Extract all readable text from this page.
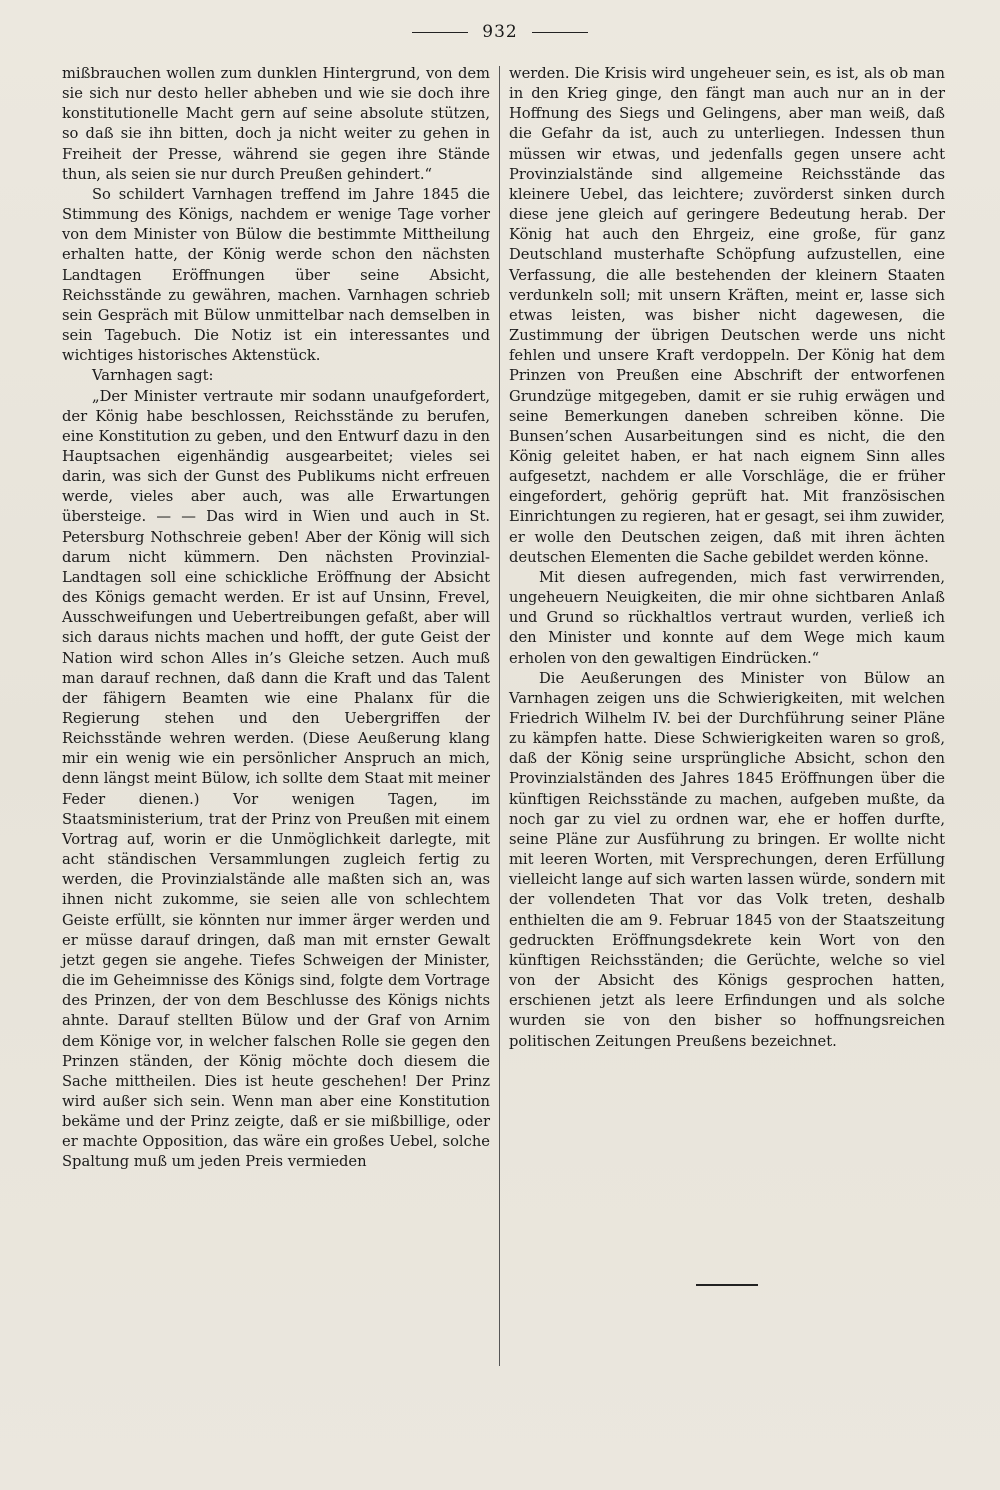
932

mißbrauchen wollen zum dunklen Hintergrund, von dem sie sich nur desto heller abheben und wie sie doch ihre konstitutionelle Macht gern auf seine absolute stützen, so daß sie ihn bitten, doch ja nicht weiter zu gehen in Freiheit der Presse, während sie gegen ihre Stände thun, als seien sie nur durch Preußen gehindert.“

So schildert Varnhagen treffend im Jahre 1845 die Stimmung des Königs, nachdem er wenige Tage vorher von dem Minister von Bülow die bestimmte Mittheilung erhalten hatte, der König werde schon den nächsten Landtagen Eröffnungen über seine Absicht, Reichsstände zu gewähren, machen. Varnhagen schrieb sein Gespräch mit Bülow unmittelbar nach demselben in sein Tagebuch. Die Notiz ist ein interessantes und wichtiges historisches Aktenstück.

Varnhagen sagt:

„Der Minister vertraute mir sodann unaufgefordert, der König habe beschlossen, Reichsstände zu berufen, eine Konstitution zu geben, und den Entwurf dazu in den Hauptsachen eigenhändig ausgearbeitet; vieles sei darin, was sich der Gunst des Publikums nicht erfreuen werde, vieles aber auch, was alle Erwartungen übersteige. — — Das wird in Wien und auch in St. Petersburg Nothschreie geben! Aber der König will sich darum nicht kümmern. Den nächsten Provinzial-Landtagen soll eine schickliche Eröffnung der Absicht des Königs gemacht werden. Er ist auf Unsinn, Frevel, Ausschweifungen und Uebertreibungen gefaßt, aber will sich daraus nichts machen und hofft, der gute Geist der Nation wird schon Alles in’s Gleiche setzen. Auch muß man darauf rechnen, daß dann die Kraft und das Talent der fähigern Beamten wie eine Phalanx für die Regierung stehen und den Uebergriffen der Reichsstände wehren werden. (Diese Aeußerung klang mir ein wenig wie ein persönlicher Anspruch an mich, denn längst meint Bülow, ich sollte dem Staat mit meiner Feder dienen.) Vor wenigen Tagen, im Staatsministerium, trat der Prinz von Preußen mit einem Vortrag auf, worin er die Unmöglichkeit darlegte, mit acht ständischen Versammlungen zugleich fertig zu werden, die Provinzialstände alle maßten sich an, was ihnen nicht zukomme, sie seien alle von schlechtem Geiste erfüllt, sie könnten nur immer ärger werden und er müsse darauf dringen, daß man mit ernster Gewalt jetzt gegen sie angehe. Tiefes Schweigen der Minister, die im Geheimnisse des Königs sind, folgte dem Vortrage des Prinzen, der von dem Beschlusse des Königs nichts ahnte. Darauf stellten Bülow und der Graf von Arnim dem Könige vor, in welcher falschen Rolle sie gegen den Prinzen ständen, der König möchte doch diesem die Sache mittheilen. Dies ist heute geschehen! Der Prinz wird außer sich sein. Wenn man aber eine Konstitution bekäme und der Prinz zeigte, daß er sie mißbillige, oder er machte Opposition, das wäre ein großes Uebel, solche Spaltung muß um jeden Preis vermieden

werden. Die Krisis wird ungeheuer sein, es ist, als ob man in den Krieg ginge, den fängt man auch nur an in der Hoffnung des Siegs und Gelingens, aber man weiß, daß die Gefahr da ist, auch zu unterliegen. Indessen thun müssen wir etwas, und jedenfalls gegen unsere acht Provinzialstände sind allgemeine Reichsstände das kleinere Uebel, das leichtere; zuvörderst sinken durch diese jene gleich auf geringere Bedeutung herab. Der König hat auch den Ehrgeiz, eine große, für ganz Deutschland musterhafte Schöpfung aufzustellen, eine Verfassung, die alle bestehenden der kleinern Staaten verdunkeln soll; mit unsern Kräften, meint er, lasse sich etwas leisten, was bisher nicht dagewesen, die Zustimmung der übrigen Deutschen werde uns nicht fehlen und unsere Kraft verdoppeln. Der König hat dem Prinzen von Preußen eine Abschrift der entworfenen Grundzüge mitgegeben, damit er sie ruhig erwägen und seine Bemerkungen daneben schreiben könne. Die Bunsen’schen Ausarbeitungen sind es nicht, die den König geleitet haben, er hat nach eignem Sinn alles aufgesetzt, nachdem er alle Vorschläge, die er früher eingefordert, gehörig geprüft hat. Mit französischen Einrichtungen zu regieren, hat er gesagt, sei ihm zuwider, er wolle den Deutschen zeigen, daß mit ihren ächten deutschen Elementen die Sache gebildet werden könne.

Mit diesen aufregenden, mich fast verwirrenden, ungeheuern Neuigkeiten, die mir ohne sichtbaren Anlaß und Grund so rückhaltlos vertraut wurden, verließ ich den Minister und konnte auf dem Wege mich kaum erholen von den gewaltigen Eindrücken.“

Die Aeußerungen des Minister von Bülow an Varnhagen zeigen uns die Schwierigkeiten, mit welchen Friedrich Wilhelm IV. bei der Durchführung seiner Pläne zu kämpfen hatte. Diese Schwierigkeiten waren so groß, daß der König seine ursprüngliche Absicht, schon den Provinzialständen des Jahres 1845 Eröffnungen über die künftigen Reichsstände zu machen, aufgeben mußte, da noch gar zu viel zu ordnen war, ehe er hoffen durfte, seine Pläne zur Ausführung zu bringen. Er wollte nicht mit leeren Worten, mit Versprechungen, deren Erfüllung vielleicht lange auf sich warten lassen würde, sondern mit der vollendeten That vor das Volk treten, deshalb enthielten die am 9. Februar 1845 von der Staatszeitung gedruckten Eröffnungsdekrete kein Wort von den künftigen Reichsständen; die Gerüchte, welche so viel von der Absicht des Königs gesprochen hatten, erschienen jetzt als leere Erfindungen und als solche wurden sie von den bisher so hoffnungsreichen politischen Zeitungen Preußens bezeichnet.
